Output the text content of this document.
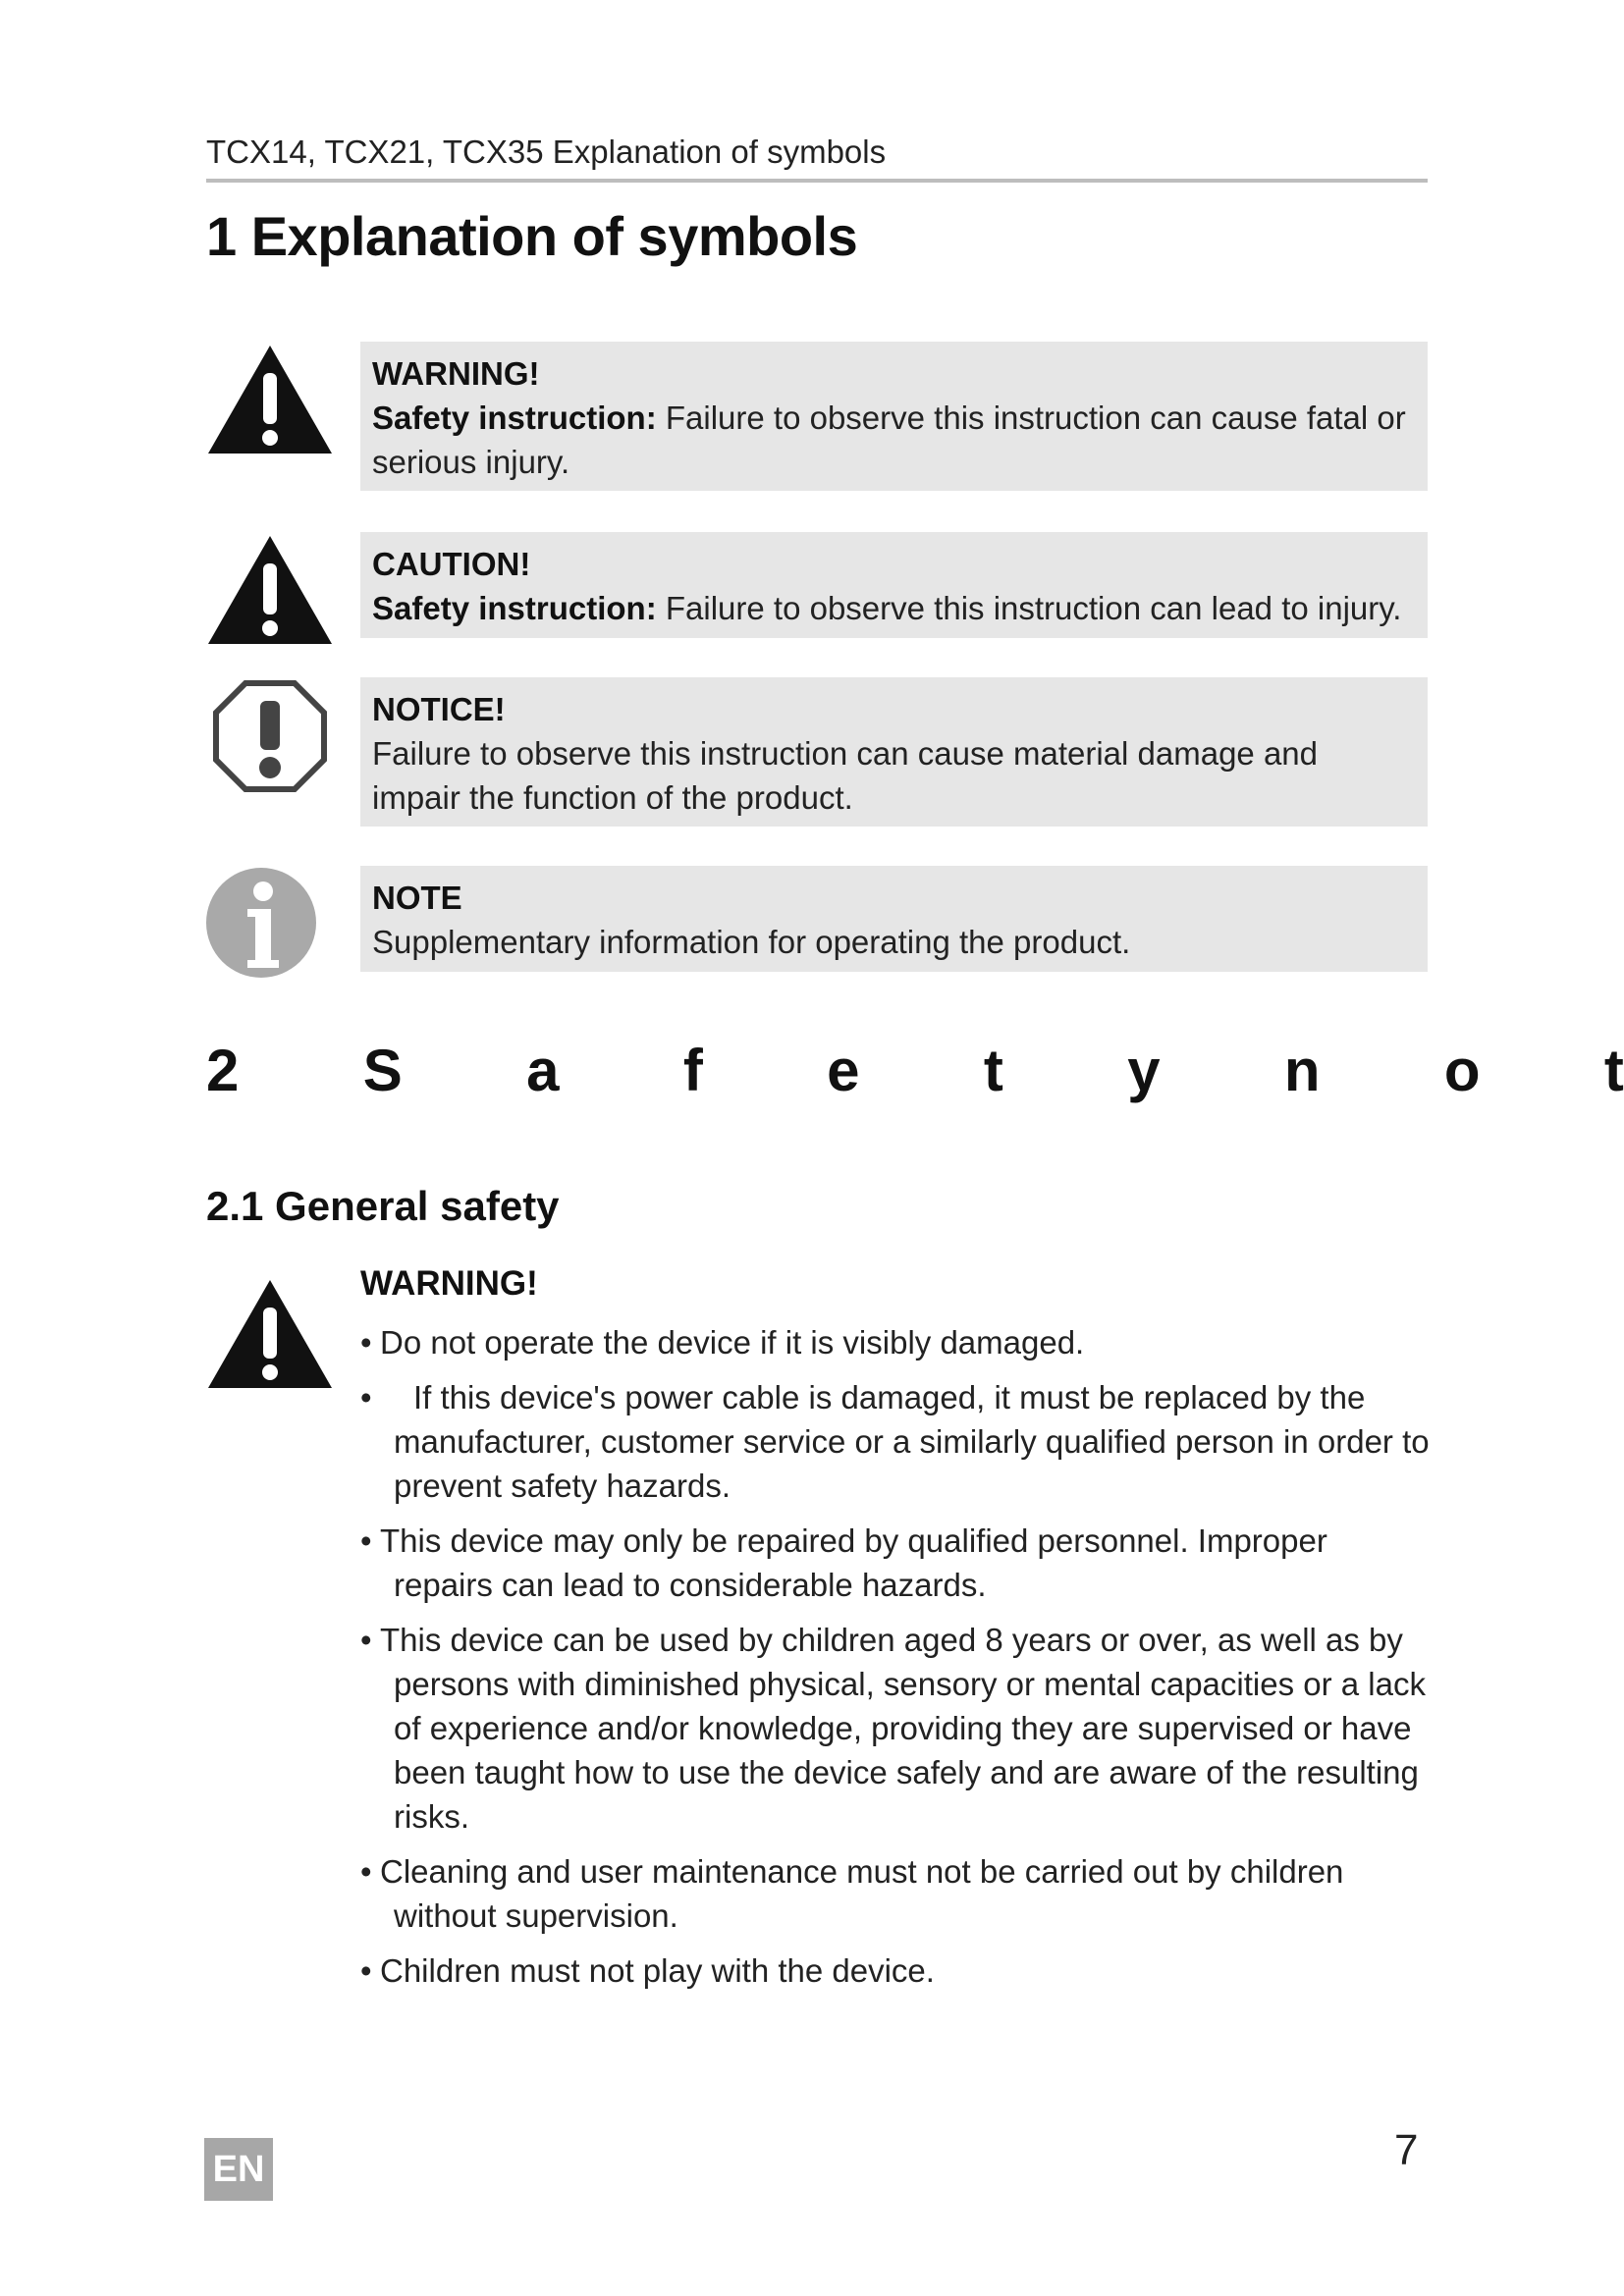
TCX14, TCX21, TCX35 Explanation of symbols
1 Explanation of symbols
WARNING!
Safety instruction: Failure to observe this instruction can cause fatal or serious injury.
CAUTION!
Safety instruction: Failure to observe this instruction can lead to injury.
NOTICE!
Failure to observe this instruction can cause material damage and impair the function of the product.
NOTE
Supplementary information for operating the product.
2 S a f e t y n o t
2.1 General safety
WARNING!
• Do not operate the device if it is visibly damaged.
• If this device's power cable is damaged, it must be replaced by the manufacturer, customer service or a similarly qualified person in order to prevent safety hazards.
• This device may only be repaired by qualified personnel. Improper repairs can lead to considerable hazards.
• This device can be used by children aged 8 years or over, as well as by persons with diminished physical, sensory or mental capacities or a lack of experience and/or knowledge, providing they are supervised or have been taught how to use the device safely and are aware of the resulting risks.
• Cleaning and user maintenance must not be carried out by children without supervision.
• Children must not play with the device.
EN	7
